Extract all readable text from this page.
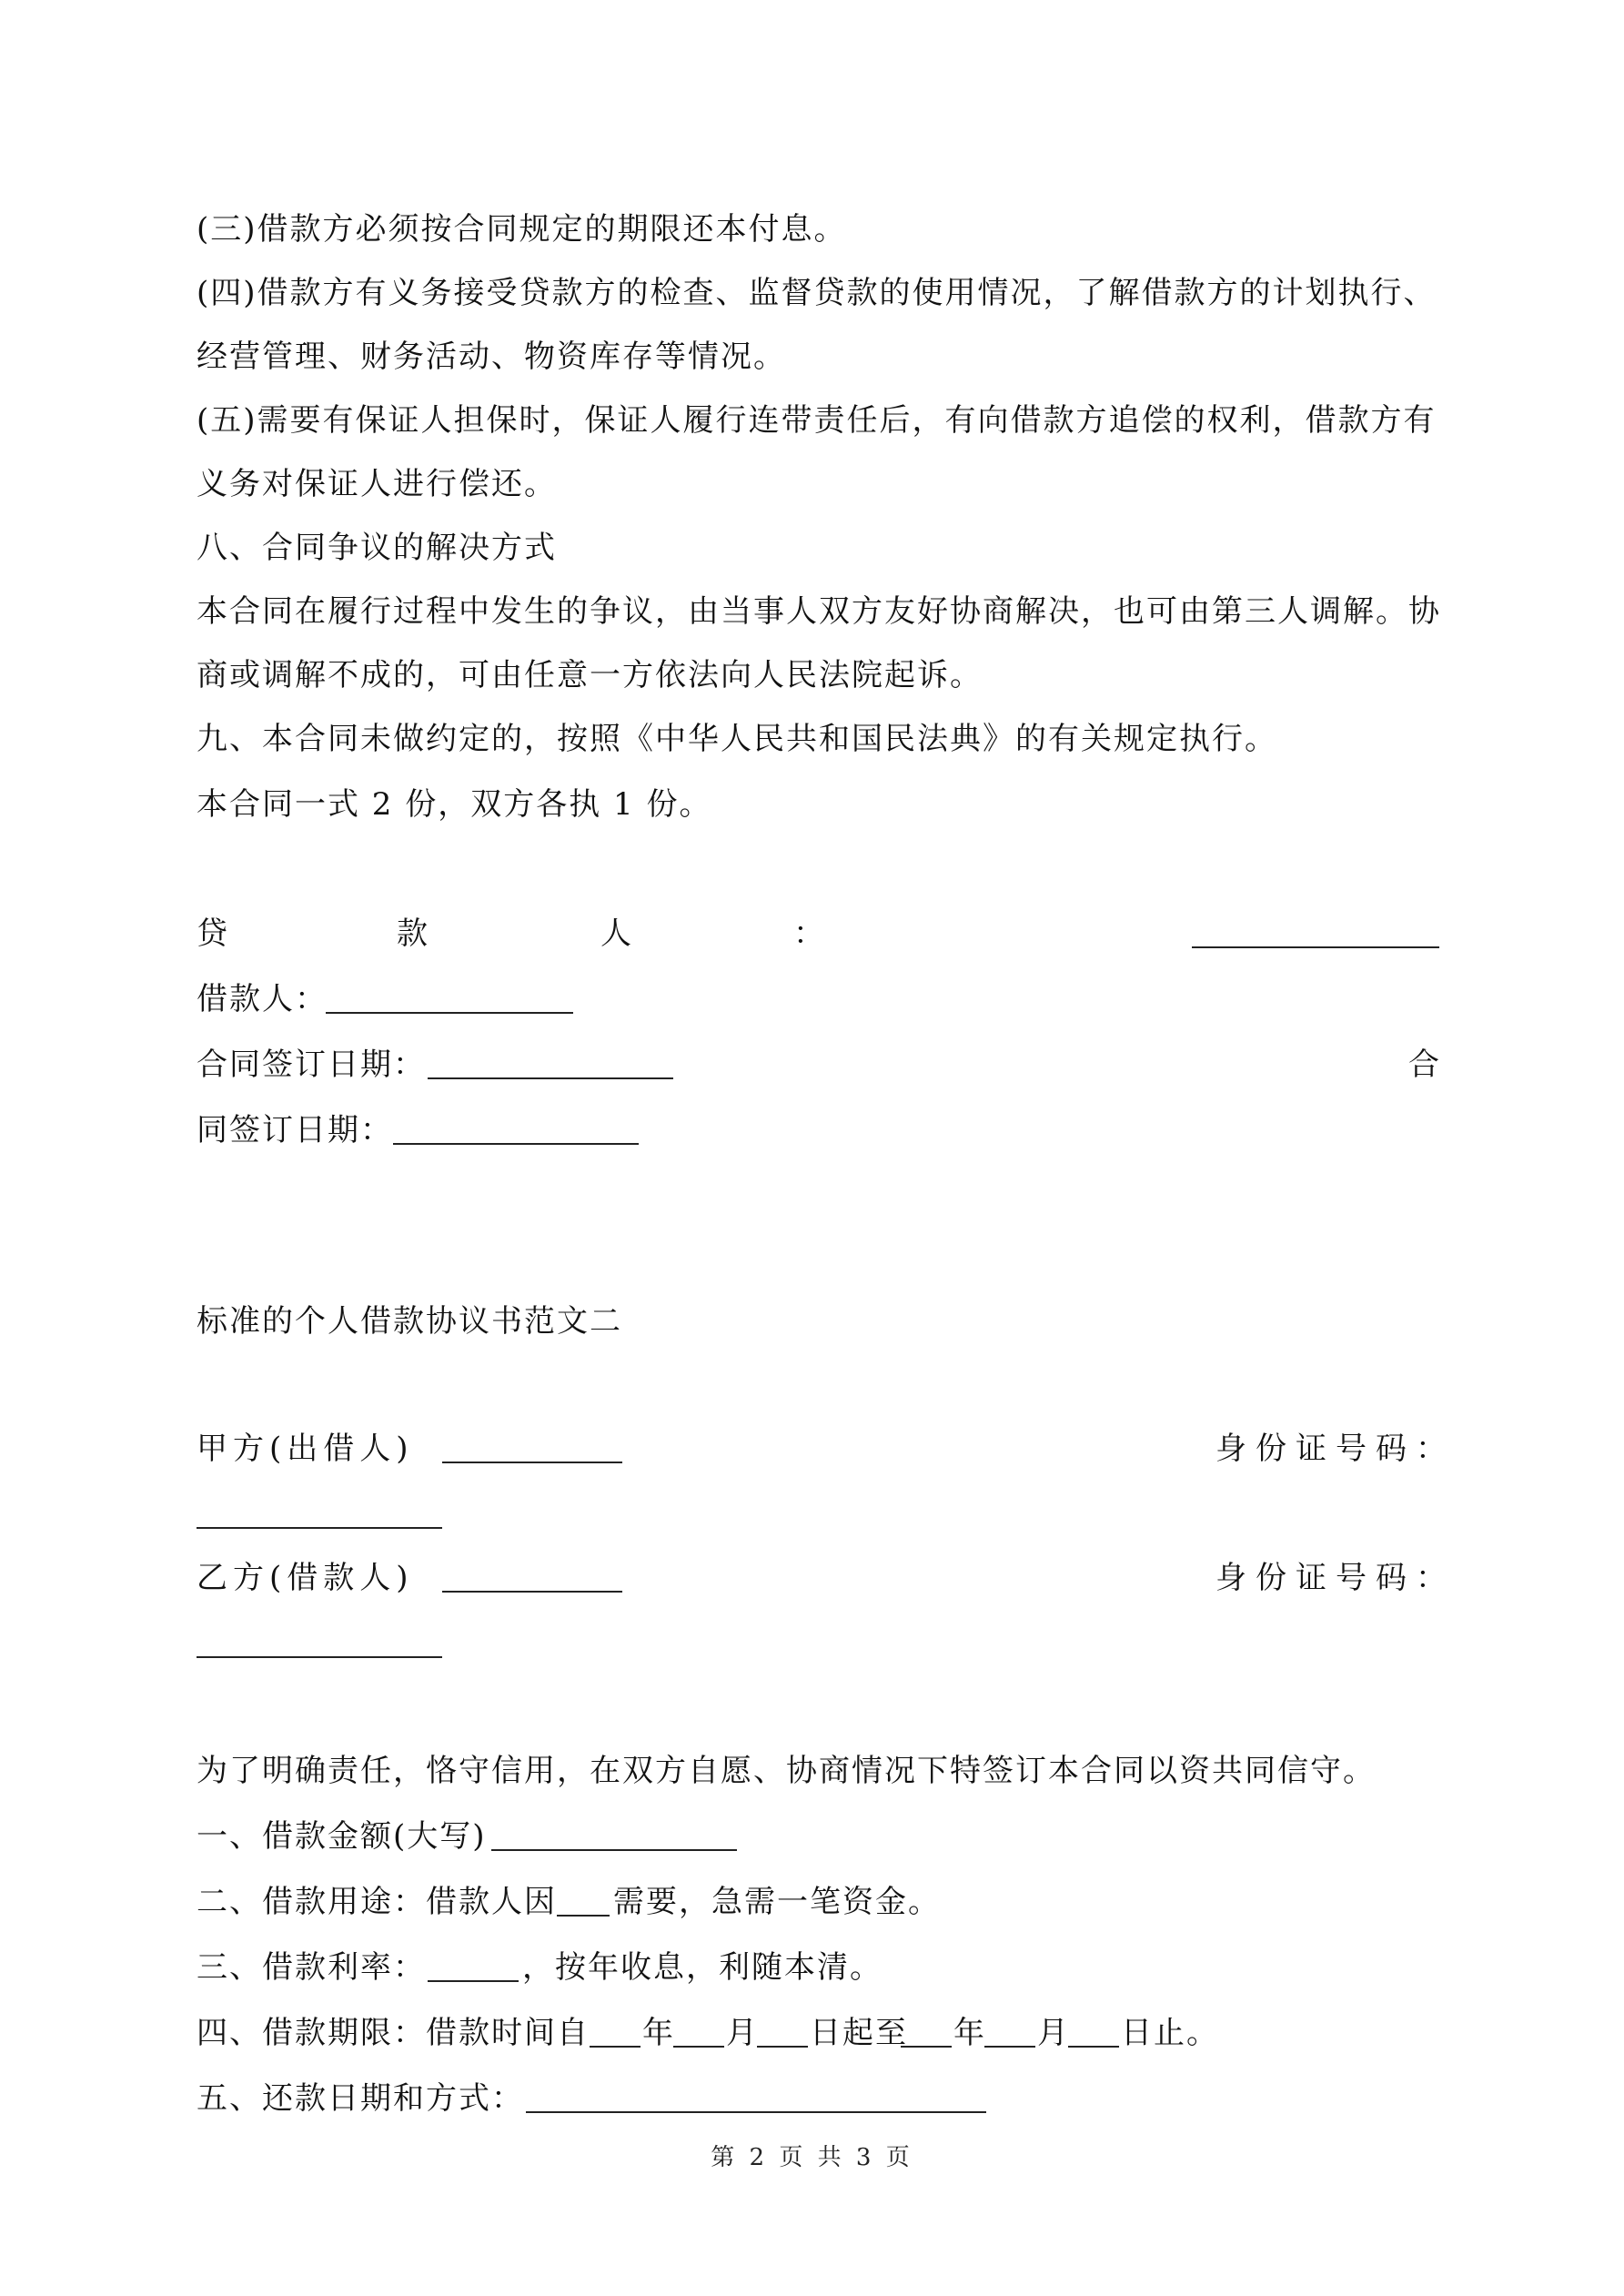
(三)借款方必须按合同规定的期限还本付息。
(四)借款方有义务接受贷款方的检查、监督贷款的使用情况，了解借款方的计划执行、
经营管理、财务活动、物资库存等情况。
(五)需要有保证人担保时，保证人履行连带责任后，有向借款方追偿的权利，借款方有
义务对保证人进行偿还。
八、合同争议的解决方式
本合同在履行过程中发生的争议，由当事人双方友好协商解决，也可由第三人调解。协
商或调解不成的，可由任意一方依法向人民法院起诉。
九、本合同未做约定的，按照《中华人民共和国民法典》的有关规定执行。
本合同一式 2 份，双方各执 1 份。
贷	款	人	：
借款人：
合同签订日期：	合
同签订日期：
标准的个人借款协议书范文二
甲方(出借人)	身份证号码：
乙方(借款人)	身份证号码：
为了明确责任，恪守信用，在双方自愿、协商情况下特签订本合同以资共同信守。
一、借款金额(大写)
二、借款用途：借款人因 需要，急需一笔资金。
三、借款利率：	，按年收息，利随本清。
四、借款期限：借款时间自 年 月 日起至 年 月 日止。
五、还款日期和方式：
第 2 页 共 3 页
